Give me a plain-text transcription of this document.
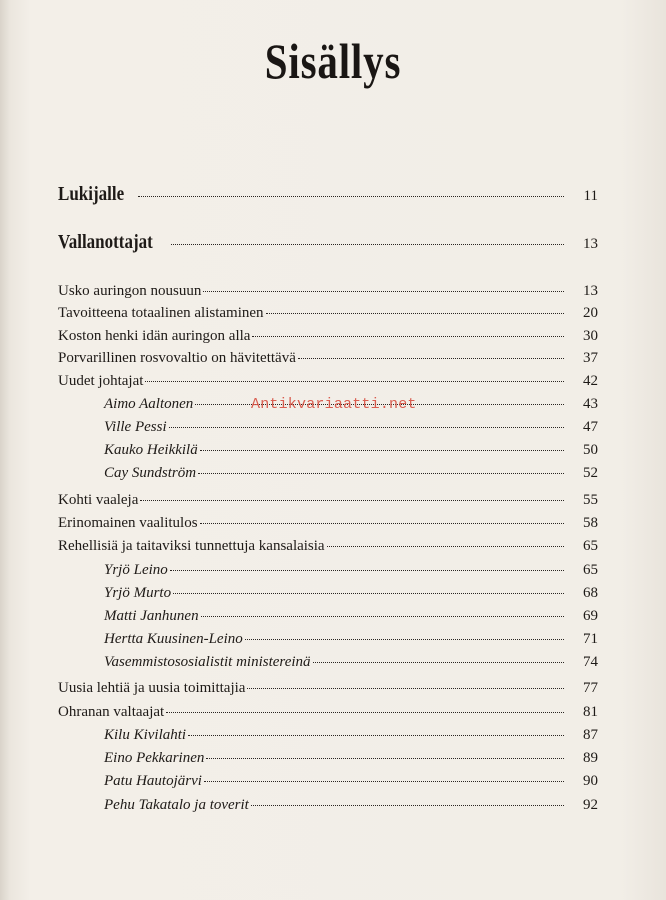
Sisällys
Lukijalle	11
Vallanottajat	13
Usko auringon nousuun	13
Tavoitteena totaalinen alistaminen	20
Koston henki idän auringon alla	30
Porvarillinen rosvovaltio on hävitettävä	37
Uudet johtajat	42
Aimo Aaltonen	43
Ville Pessi	47
Kauko Heikkilä	50
Cay Sundström	52
Kohti vaaleja	55
Erinomainen vaalitulos	58
Rehellisiä ja taitaviksi tunnettuja kansalaisia	65
Yrjö Leino	65
Yrjö Murto	68
Matti Janhunen	69
Hertta Kuusinen-Leino	71
Vasemmistososialistit ministereinä	74
Uusia lehtiä ja uusia toimittajia	77
Ohranan valtaajat	81
Kilu Kivilahti	87
Eino Pekkarinen	89
Patu Hautojärvi	90
Pehu Takatalo ja toverit	92
Antikvariaatti.net
